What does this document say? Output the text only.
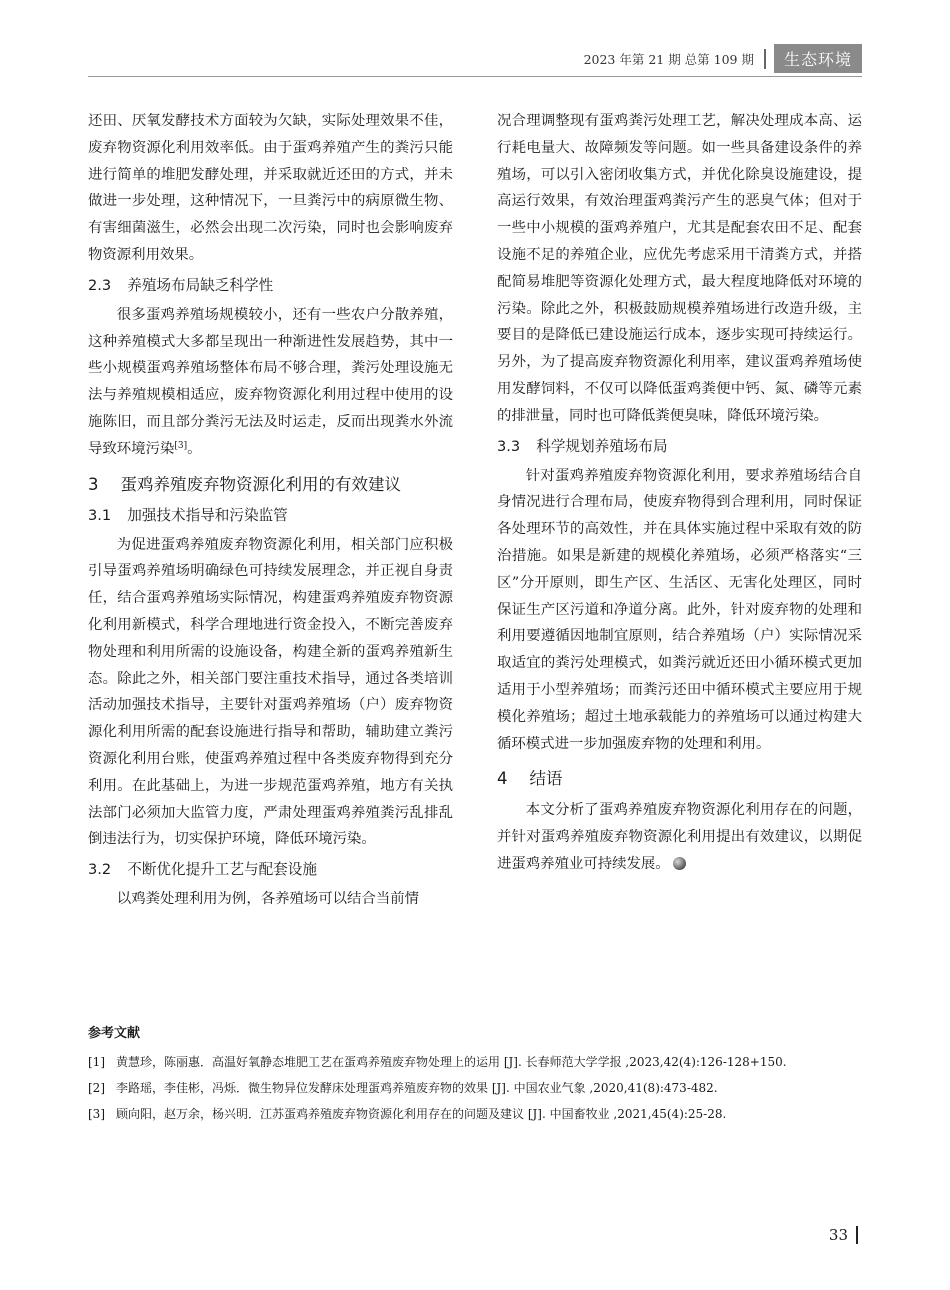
2023 年第 21 期 总第 109 期	生态环境

还田、厌氧发酵技术方面较为欠缺，实际处理效果不佳，废弃物资源化利用效率低。由于蛋鸡养殖产生的粪污只能进行简单的堆肥发酵处理，并采取就近还田的方式，并未做进一步处理，这种情况下，一旦粪污中的病原微生物、有害细菌滋生，必然会出现二次污染，同时也会影响废弃物资源利用效果。

2.3 养殖场布局缺乏科学性

很多蛋鸡养殖场规模较小，还有一些农户分散养殖，这种养殖模式大多都呈现出一种渐进性发展趋势，其中一些小规模蛋鸡养殖场整体布局不够合理，粪污处理设施无法与养殖规模相适应，废弃物资源化利用过程中使用的设施陈旧，而且部分粪污无法及时运走，反而出现粪水外流导致环境污染[3]。

3 蛋鸡养殖废弃物资源化利用的有效建议
3.1 加强技术指导和污染监管

为促进蛋鸡养殖废弃物资源化利用，相关部门应积极引导蛋鸡养殖场明确绿色可持续发展理念，并正视自身责任，结合蛋鸡养殖场实际情况，构建蛋鸡养殖废弃物资源化利用新模式，科学合理地进行资金投入，不断完善废弃物处理和利用所需的设施设备，构建全新的蛋鸡养殖新生态。除此之外，相关部门要注重技术指导，通过各类培训活动加强技术指导，主要针对蛋鸡养殖场（户）废弃物资源化利用所需的配套设施进行指导和帮助，辅助建立粪污资源化利用台账，使蛋鸡养殖过程中各类废弃物得到充分利用。在此基础上，为进一步规范蛋鸡养殖，地方有关执法部门必须加大监管力度，严肃处理蛋鸡养殖粪污乱排乱倒违法行为，切实保护环境，降低环境污染。

3.2 不断优化提升工艺与配套设施

以鸡粪处理利用为例，各养殖场可以结合当前情

况合理调整现有蛋鸡粪污处理工艺，解决处理成本高、运行耗电量大、故障频发等问题。如一些具备建设条件的养殖场，可以引入密闭收集方式，并优化除臭设施建设，提高运行效果，有效治理蛋鸡粪污产生的恶臭气体；但对于一些中小规模的蛋鸡养殖户，尤其是配套农田不足、配套设施不足的养殖企业，应优先考虑采用干清粪方式，并搭配简易堆肥等资源化处理方式，最大程度地降低对环境的污染。除此之外，积极鼓励规模养殖场进行改造升级，主要目的是降低已建设施运行成本，逐步实现可持续运行。另外，为了提高废弃物资源化利用率，建议蛋鸡养殖场使用发酵饲料，不仅可以降低蛋鸡粪便中钙、氮、磷等元素的排泄量，同时也可降低粪便臭味，降低环境污染。

3.3 科学规划养殖场布局

针对蛋鸡养殖废弃物资源化利用，要求养殖场结合自身情况进行合理布局，使废弃物得到合理利用，同时保证各处理环节的高效性，并在具体实施过程中采取有效的防治措施。如果是新建的规模化养殖场，必须严格落实“三区”分开原则，即生产区、生活区、无害化处理区，同时保证生产区污道和净道分离。此外，针对废弃物的处理和利用要遵循因地制宜原则，结合养殖场（户）实际情况采取适宜的粪污处理模式，如粪污就近还田小循环模式更加适用于小型养殖场；而粪污还田中循环模式主要应用于规模化养殖场；超过土地承载能力的养殖场可以通过构建大循环模式进一步加强废弃物的处理和利用。

4 结语

本文分析了蛋鸡养殖废弃物资源化利用存在的问题，并针对蛋鸡养殖废弃物资源化利用提出有效建议，以期促进蛋鸡养殖业可持续发展。

参考文献
[1] 黄慧珍，陈丽惠．高温好氧静态堆肥工艺在蛋鸡养殖废弃物处理上的运用 [J]. 长春师范大学学报 ,2023,42(4):126-128+150.
[2] 李路瑶，李佳彬，冯烁．微生物异位发酵床处理蛋鸡养殖废弃物的效果 [J]. 中国农业气象 ,2020,41(8):473-482.
[3] 顾向阳，赵万余，杨兴明．江苏蛋鸡养殖废弃物资源化利用存在的问题及建议 [J]. 中国畜牧业 ,2021,45(4):25-28.
33
